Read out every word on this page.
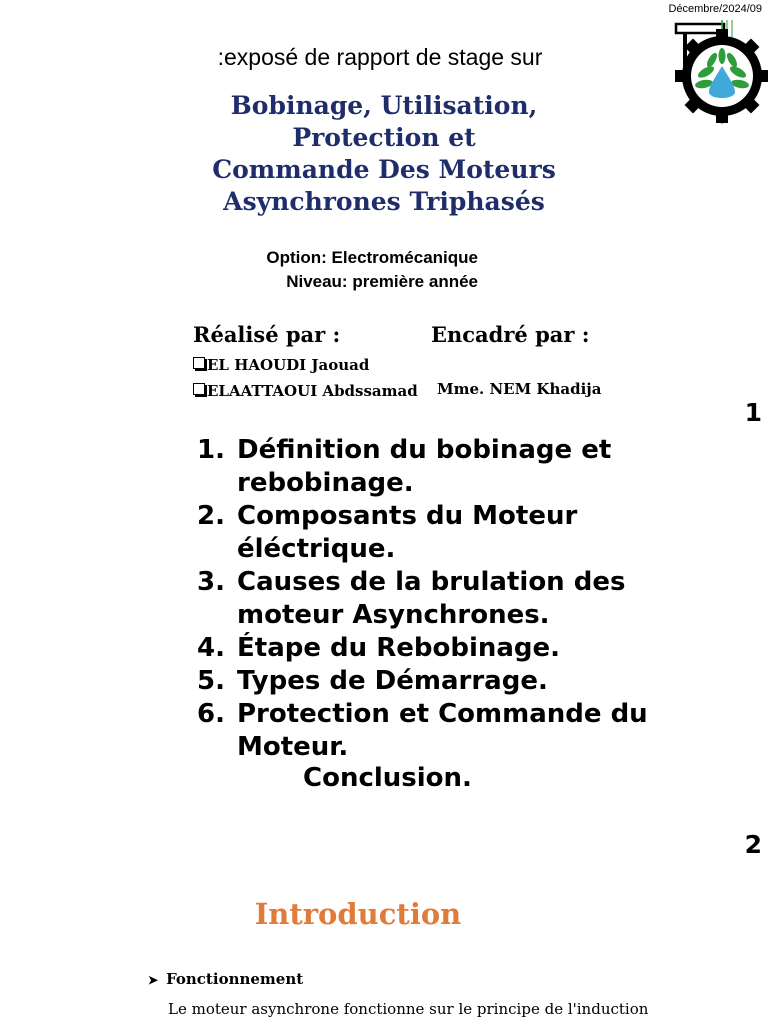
Décembre/2024/09
:exposé de rapport de stage sur
Bobinage, Utilisation,
Protection et
Commande Des Moteurs
Asynchrones Triphasés
Option: Electromécanique
Niveau: première année
Réalisé par :	Encadré par :
EL HAOUDI Jaouad
ELAATTAOUI Abdssamad Mme. NEM Khadija
1
1. Définition du bobinage et rebobinage.
2. Composants du Moteur éléctrique.
3. Causes de la brulation des moteur Asynchrones.
4. Étape du Rebobinage.
5. Types de Démarrage.
6. Protection et Commande du Moteur.
Conclusion.
2
Introduction
➤ Fonctionnement
Le moteur asynchrone fonctionne sur le principe de l'induction
